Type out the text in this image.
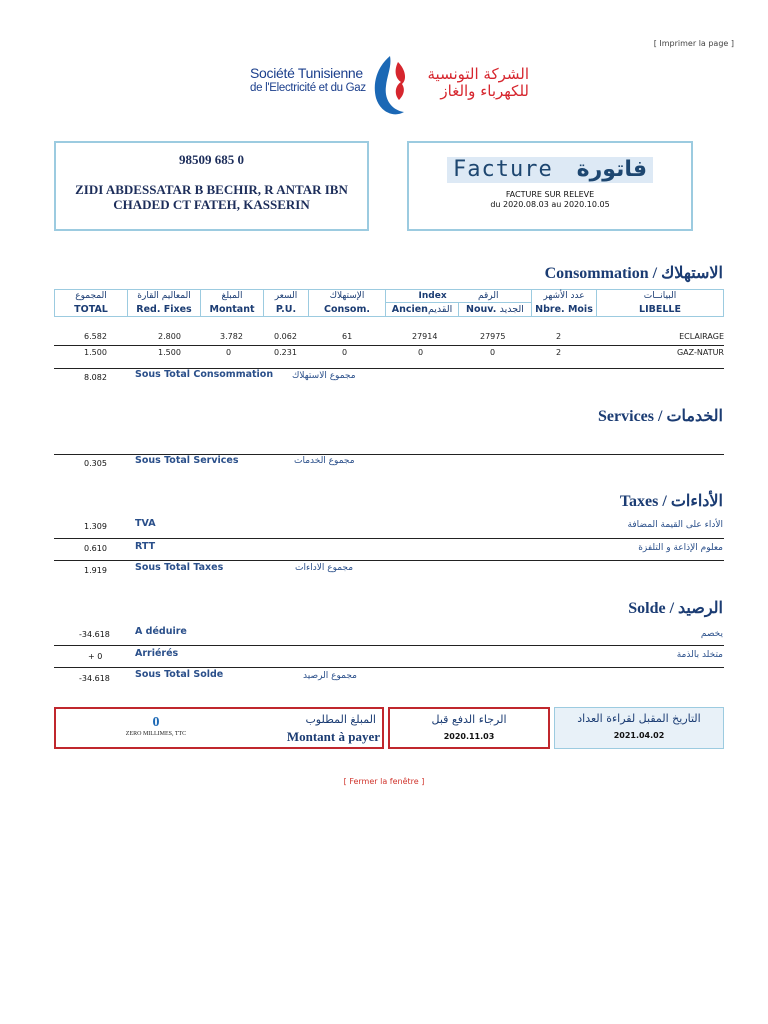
[ Imprimer la page ]
Société Tunisienne
de l'Electricité et du Gaz
الشركة التونسية
للكهرباء والغاز
98509 685 0
ZIDI ABDESSATAR B BECHIR, R ANTAR IBN CHADED CT FATEH, KASSERIN
Facture فاتورة
FACTURE SUR RELEVE
du 2020.08.03 au 2020.10.05
Consommation / الاستهلاك
المجموع	المعاليم القارة	المبلغ	السعر	الإستهلاك	Index الرقم		عدد الأشهر	البيانــات
TOTAL	Red. Fixes	Montant	P.U.	Consom.	Ancienالقديم	Nouv. الجديد	Nbre. Mois	LIBELLE
6.582	2.800	3.782	0.062	61	27914	27975	2	ECLAIRAGE
1.500	1.500	0	0.231	0	0	0	2	GAZ-NATUR
8.082	Sous Total Consommation مجموع الاستهلاك
Services / الخدمات
0.305	Sous Total Services	مجموع الخدمات
Taxes / الأداءات
1.309	TVA	الأداء على القيمة المضافة
0.610	RTT	معلوم الإذاعة و التلفزة
1.919	Sous Total Taxes	مجموع الاداءات
Solde / الرصيد
-34.618	A déduire	يخصم
+ 0	Arriérés	متخلد بالذمة
-34.618	Sous Total Solde	مجموع الرصيد
0
ZERO MILLIMES, TTC
المبلغ المطلوب
Montant à payer
الرجاء الدفع قبل
2020.11.03
التاريخ المقبل لقراءة العداد
2021.04.02
[ Fermer la fenêtre ]
